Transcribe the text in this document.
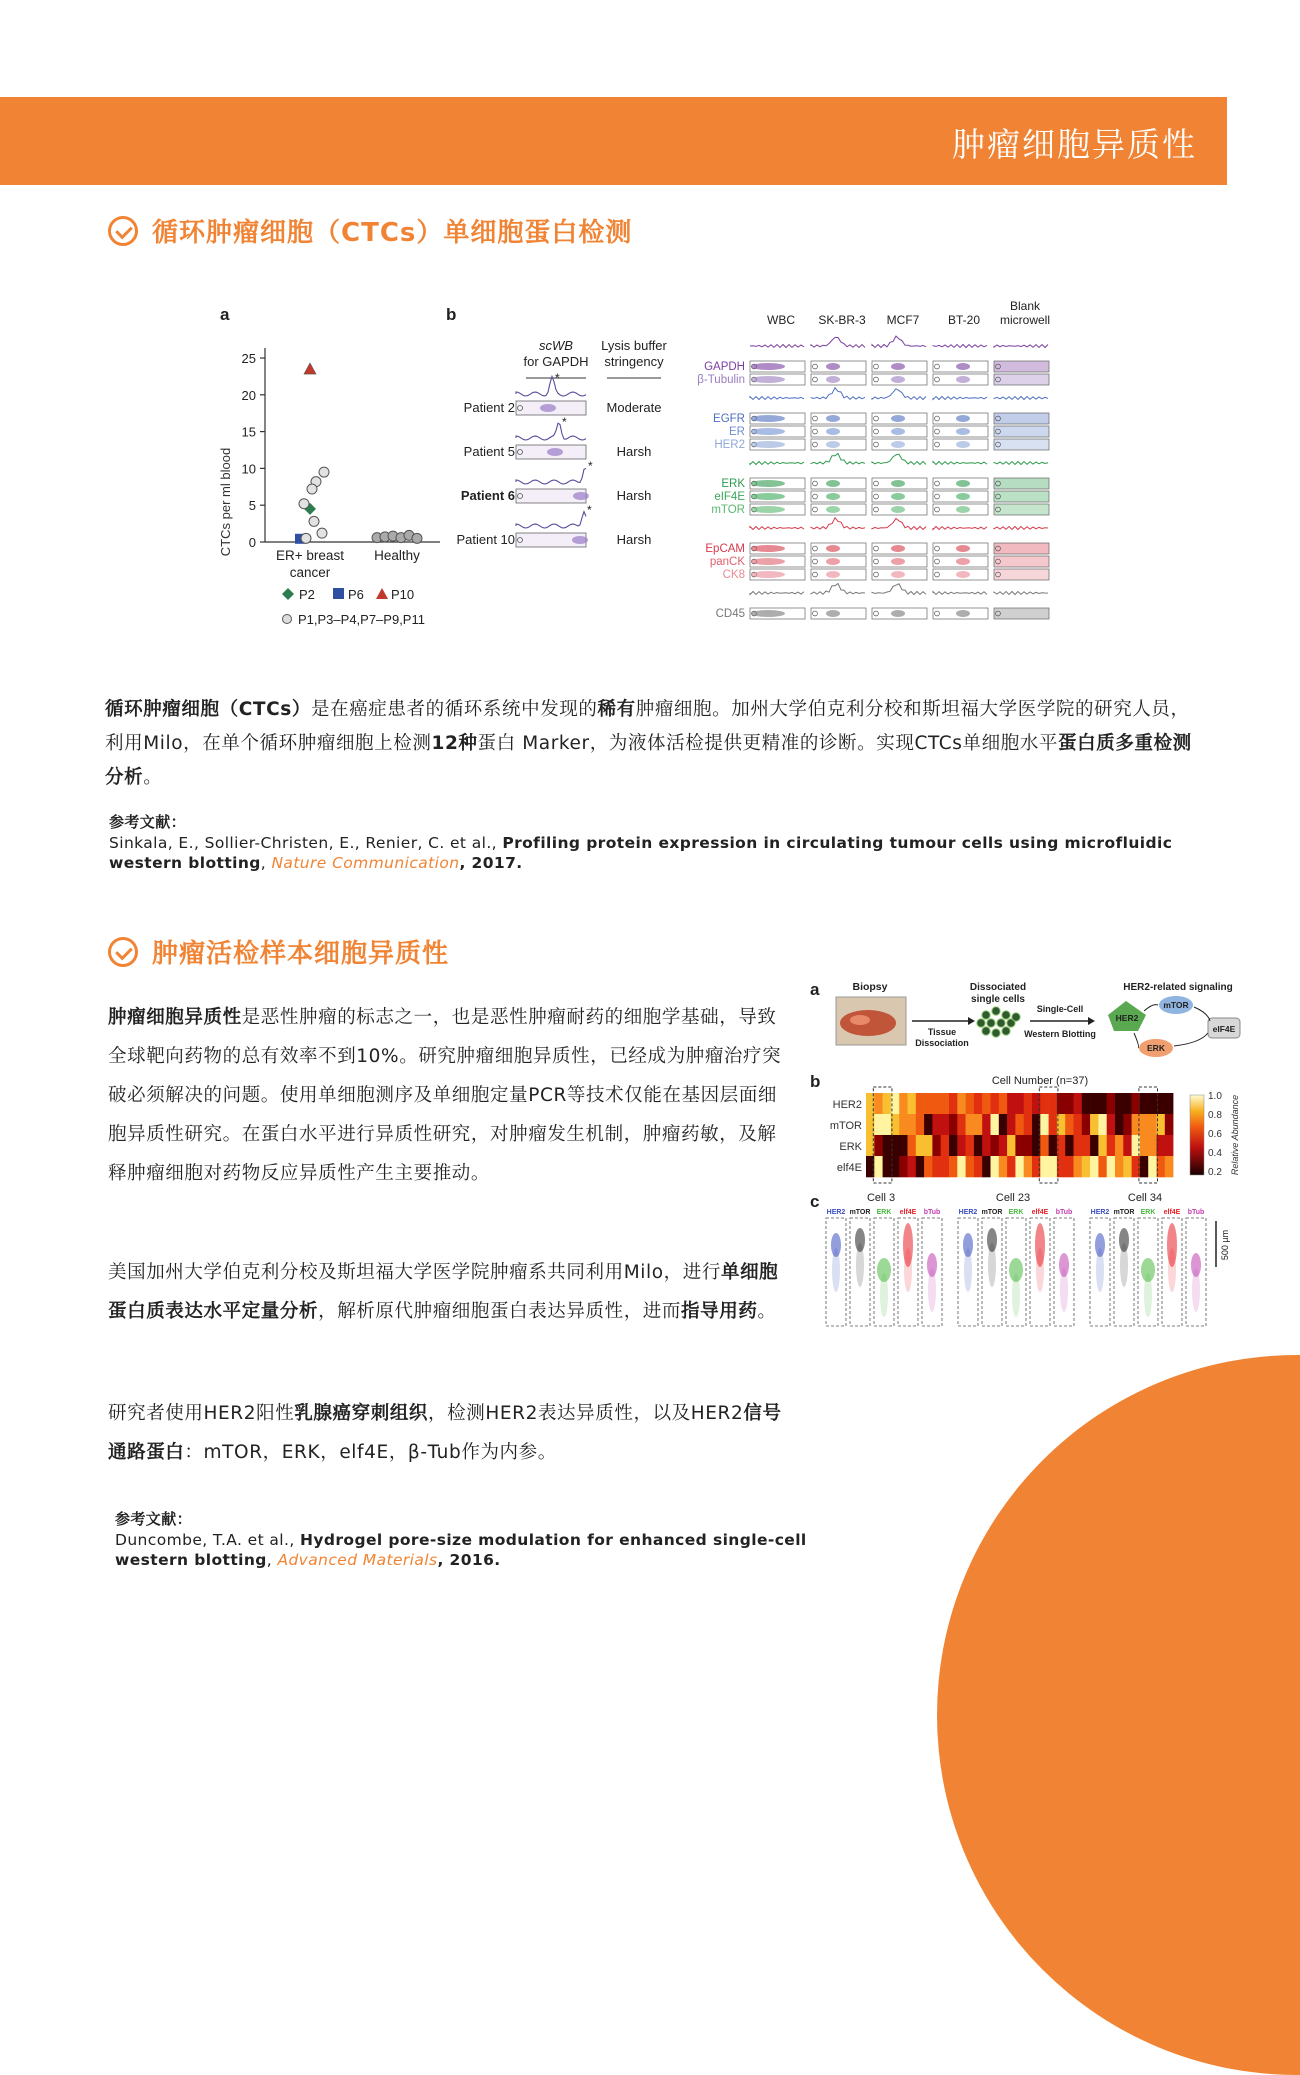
肿瘤细胞异质性
循环肿瘤细胞（CTCs）单细胞蛋白检测
a
CTCs per ml blood 0
5
10
15
20
25
ER+ breast
cancer
Healthy
P2	P6 P10
P1,P3–P4,P7–P9,P11
b
scWB
for GAPDH
Lysis buffer
stringency
Patient 2	Moderate
*
Patient 5	Harsh
*
Patient 6	Harsh
*
Patient 10	Harsh
*
WBC SK-BR-3 MCF7 BT-20
Blank
microwell
GAPDH
β-Tubulin
EGFR
ER
HER2
ERK
eIF4E
mTOR
EpCAM
panCK
CK8
CD45
循环肿瘤细胞（CTCs）是在癌症患者的循环系统中发现的稀有肿瘤细胞。加州大学伯克利分校和斯坦福大学医学院的研究人员，利用Milo，在单个循环肿瘤细胞上检测12种蛋白 Marker，为液体活检提供更精准的诊断。实现CTCs单细胞水平蛋白质多重检测分析。
参考文献：
Sinkala, E., Sollier-Christen, E., Renier, C. et al., Profiling protein expression in circulating tumour cells using microfluidic western blotting, Nature Communication, 2017.
肿瘤活检样本细胞异质性
肿瘤细胞异质性是恶性肿瘤的标志之一，也是恶性肿瘤耐药的细胞学基础，导致全球靶向药物的总有效率不到10%。研究肿瘤细胞异质性，已经成为肿瘤治疗突破必须解决的问题。使用单细胞测序及单细胞定量PCR等技术仅能在基因层面细胞异质性研究。在蛋白水平进行异质性研究，对肿瘤发生机制，肿瘤药敏，及解释肿瘤细胞对药物反应异质性产生主要推动。
美国加州大学伯克利分校及斯坦福大学医学院肿瘤系共同利用Milo，进行单细胞蛋白质表达水平定量分析，解析原代肿瘤细胞蛋白表达异质性，进而指导用药。
研究者使用HER2阳性乳腺癌穿刺组织，检测HER2表达异质性，以及HER2信号通路蛋白：mTOR，ERK，elf4E，β-Tub作为内参。
参考文献：
Duncombe, T.A. et al., Hydrogel pore-size modulation for enhanced single-cell western blotting, Advanced Materials, 2016.
a	Biopsy
Tissue
Dissociation
Dissociated
single cells
Single-Cell
Western Blotting
HER2-related signaling
HER2
mTOR
ERK
eIF4E
b	Cell Number (n=37)
HER2
mTOR
ERK
elf4E
1.0
0.8
0.6
0.4
0.2 Relative Abundance
c	Cell 3
HER2 mTOR ERK elf4E bTub
Cell 23
HER2 mTOR ERK elf4E bTub
Cell 34
HER2 mTOR ERK elf4E bTub
500 µm
